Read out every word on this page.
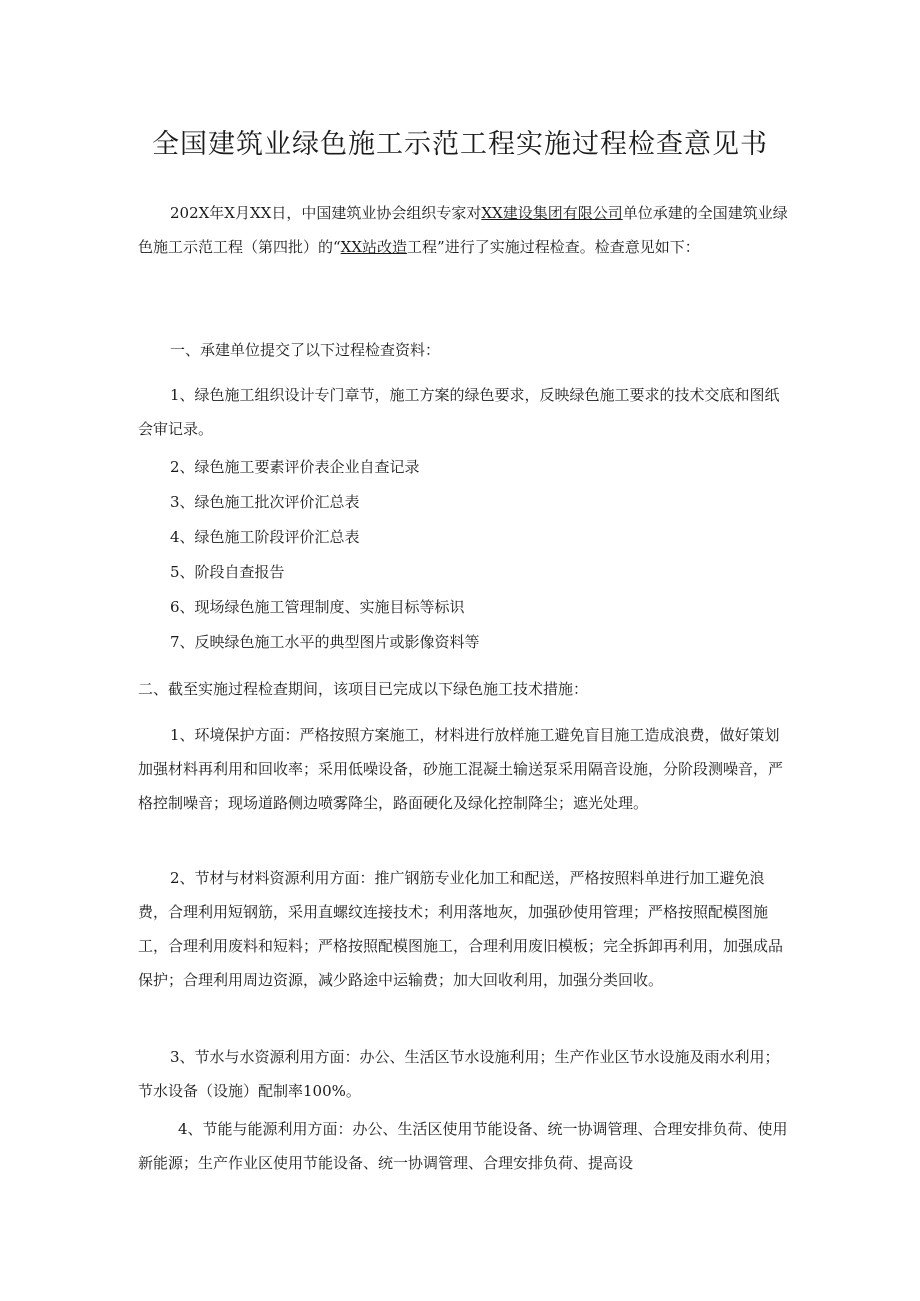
全国建筑业绿色施工示范工程实施过程检查意见书
202X年X月XX日，中国建筑业协会组织专家对XX建设集团有限公司单位承建的全国建筑业绿色施工示范工程（第四批）的“XX站改造工程”进行了实施过程检查。检查意见如下：
一、承建单位提交了以下过程检查资料：
1、绿色施工组织设计专门章节，施工方案的绿色要求，反映绿色施工要求的技术交底和图纸会审记录。
2、绿色施工要素评价表企业自查记录
3、绿色施工批次评价汇总表
4、绿色施工阶段评价汇总表
5、阶段自查报告
6、现场绿色施工管理制度、实施目标等标识
7、反映绿色施工水平的典型图片或影像资料等
二、截至实施过程检查期间，该项目已完成以下绿色施工技术措施：
1、环境保护方面：严格按照方案施工，材料进行放样施工避免盲目施工造成浪费，做好策划加强材料再利用和回收率；采用低噪设备，砂施工混凝土输送泵采用隔音设施，分阶段测噪音，严格控制噪音；现场道路侧边喷雾降尘，路面硬化及绿化控制降尘；遮光处理。
2、节材与材料资源利用方面：推广钢筋专业化加工和配送，严格按照料单进行加工避免浪费，合理利用短钢筋，采用直螺纹连接技术；利用落地灰，加强砂使用管理；严格按照配模图施工，合理利用废料和短料；严格按照配模图施工，合理利用废旧模板；完全拆卸再利用，加强成品保护；合理利用周边资源，减少路途中运输费；加大回收利用，加强分类回收。
3、节水与水资源利用方面：办公、生活区节水设施利用；生产作业区节水设施及雨水利用；节水设备（设施）配制率100%。
4、节能与能源利用方面：办公、生活区使用节能设备、统一协调管理、合理安排负荷、使用新能源；生产作业区使用节能设备、统一协调管理、合理安排负荷、提高设
